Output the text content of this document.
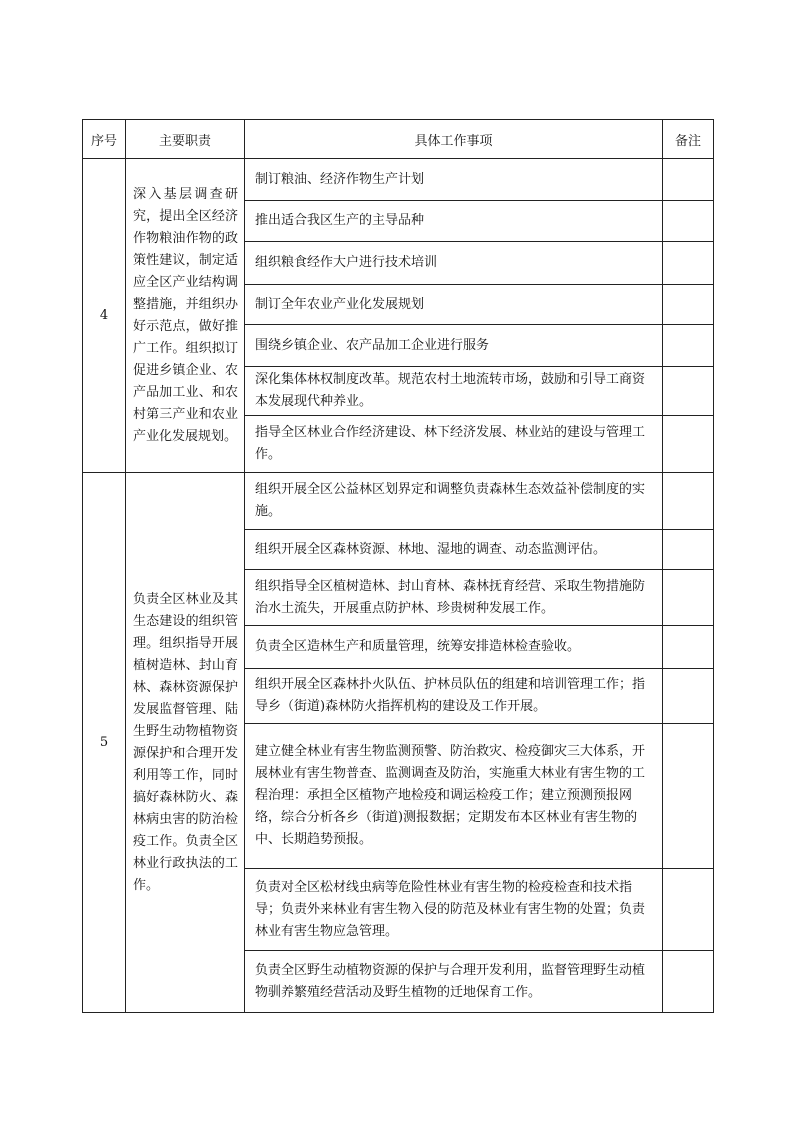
序号	主要职责	具体工作事项	备注
4	深入基层调查研究，提出全区经济作物粮油作物的政策性建议，制定适应全区产业结构调整措施，并组织办好示范点，做好推广工作。组织拟订促进乡镇企业、农产品加工业、和农村第三产业和农业产业化发展规划。	制订粮油、经济作物生产计划	
		推出适合我区生产的主导品种	
		组织粮食经作大户进行技术培训	
		制订全年农业产业化发展规划	
		围绕乡镇企业、农产品加工企业进行服务	
		深化集体林权制度改革。规范农村土地流转市场，鼓励和引导工商资本发展现代种养业。	
		指导全区林业合作经济建设、林下经济发展、林业站的建设与管理工作。	
5	负责全区林业及其生态建设的组织管理。组织指导开展植树造林、封山育林、森林资源保护发展监督管理、陆生野生动物植物资源保护和合理开发利用等工作，同时搞好森林防火、森林病虫害的防治检疫工作。负责全区林业行政执法的工作。	组织开展全区公益林区划界定和调整负责森林生态效益补偿制度的实施。	
		组织开展全区森林资源、林地、湿地的调查、动态监测评估。	
		组织指导全区植树造林、封山育林、森林抚育经营、采取生物措施防治水土流失，开展重点防护林、珍贵树种发展工作。	
		负责全区造林生产和质量管理，统筹安排造林检查验收。	
		组织开展全区森林扑火队伍、护林员队伍的组建和培训管理工作；指导乡（街道)森林防火指挥机构的建设及工作开展。	
		建立健全林业有害生物监测预警、防治救灾、检疫御灾三大体系，开展林业有害生物普查、监测调查及防治，实施重大林业有害生物的工程治理：承担全区植物产地检疫和调运检疫工作；建立预测预报网络，综合分析各乡（街道)测报数据；定期发布本区林业有害生物的中、长期趋势预报。	
		负责对全区松材线虫病等危险性林业有害生物的检疫检查和技术指导；负责外来林业有害生物入侵的防范及林业有害生物的处置；负责林业有害生物应急管理。	
		负责全区野生动植物资源的保护与合理开发利用，监督管理野生动植物驯养繁殖经营活动及野生植物的迁地保育工作。	
